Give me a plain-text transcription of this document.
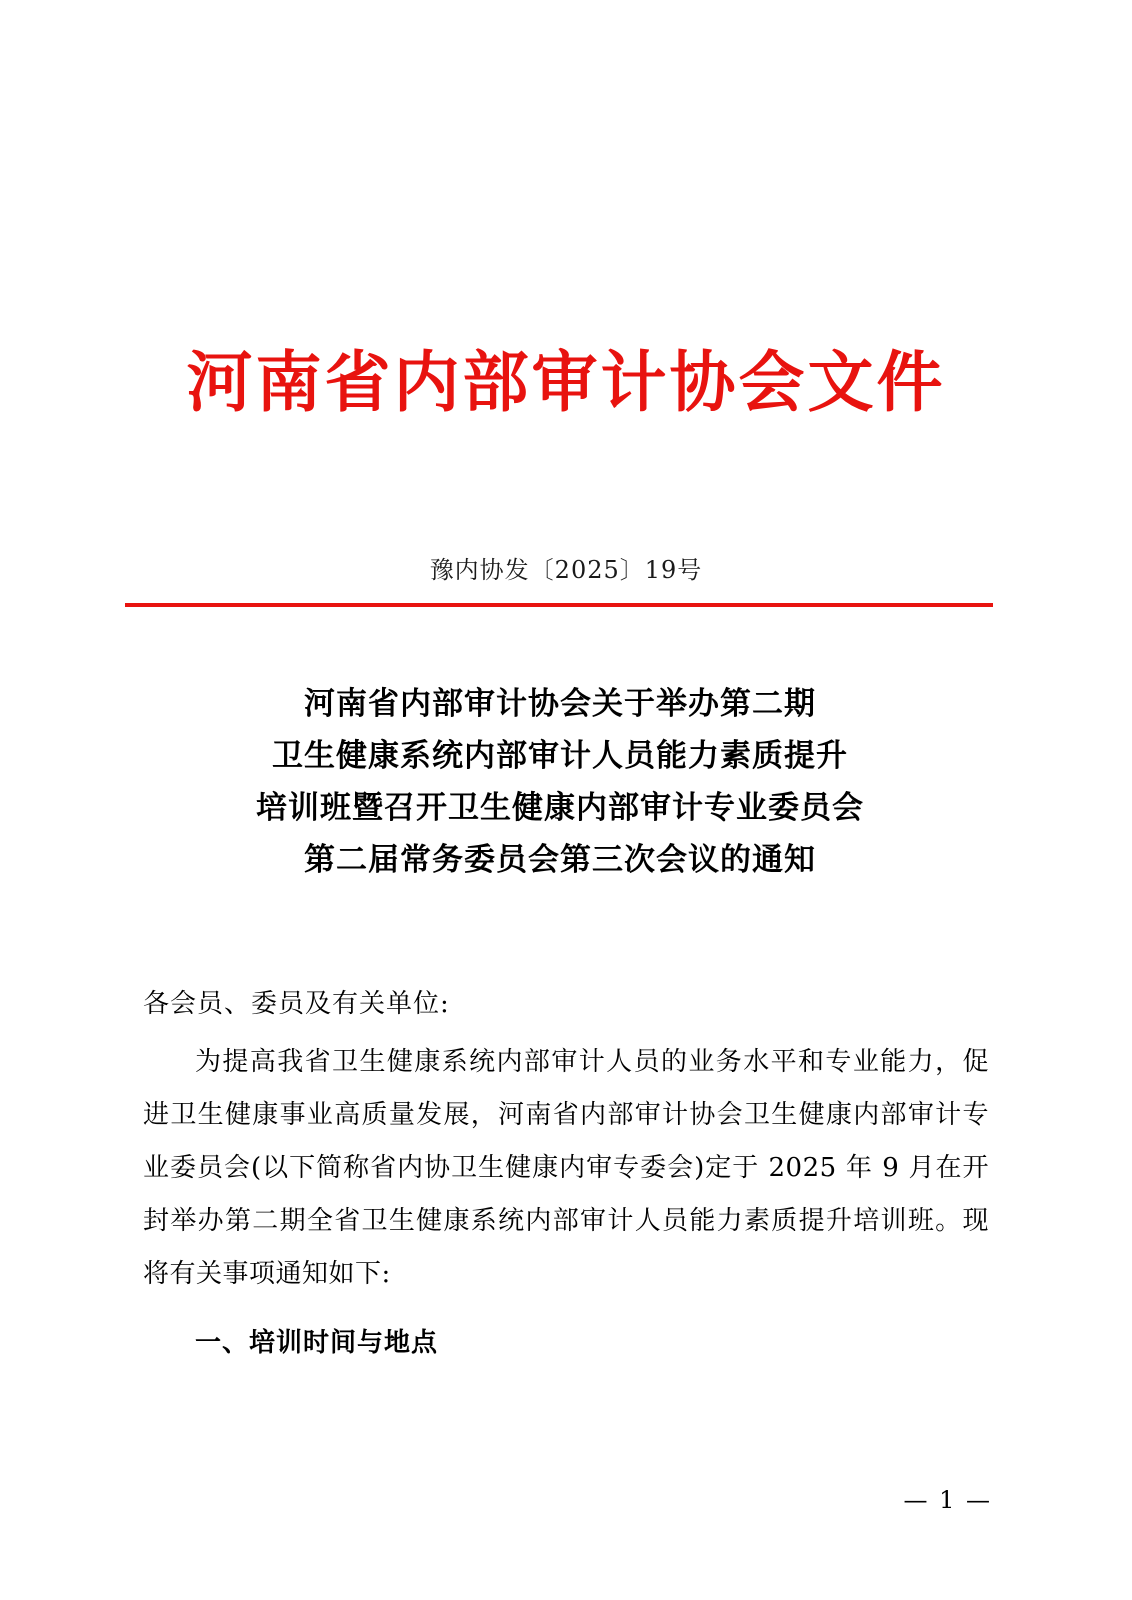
河南省内部审计协会文件
豫内协发〔2025〕19号
河南省内部审计协会关于举办第二期
卫生健康系统内部审计人员能力素质提升
培训班暨召开卫生健康内部审计专业委员会
第二届常务委员会第三次会议的通知
各会员、委员及有关单位:
为提高我省卫生健康系统内部审计人员的业务水平和专业能力，促进卫生健康事业高质量发展，河南省内部审计协会卫生健康内部审计专业委员会(以下简称省内协卫生健康内审专委会)定于 2025 年 9 月在开封举办第二期全省卫生健康系统内部审计人员能力素质提升培训班。现将有关事项通知如下:
一、培训时间与地点
— 1 —
